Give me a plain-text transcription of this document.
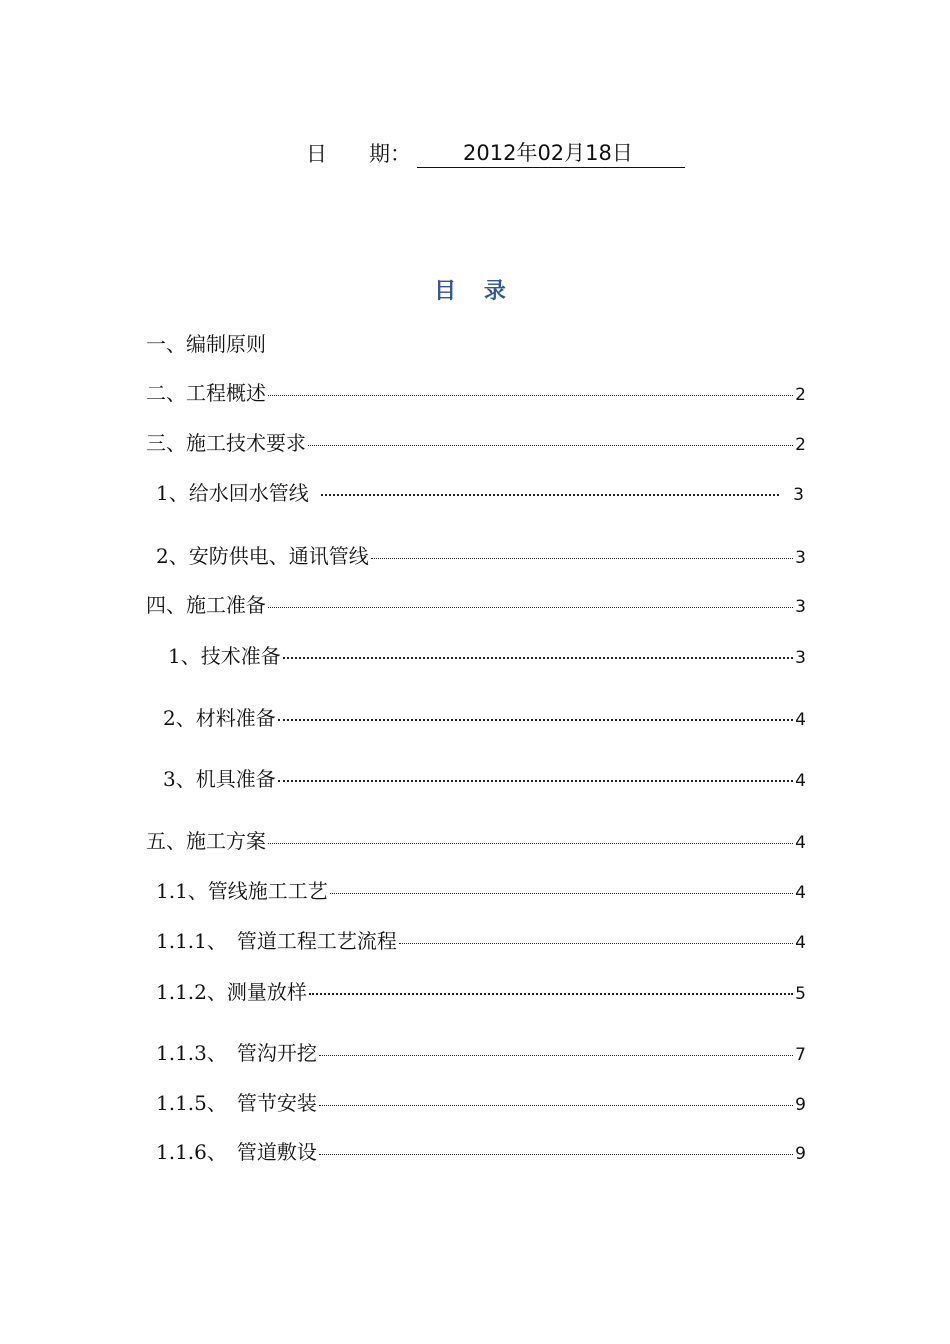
日　　期：	2012年02月18日
目 录
一、编制原则
二、工程概述	2
三、施工技术要求	2
1、给水回水管线	3
2、安防供电、通讯管线	3
四、施工准备	3
1、技术准备	3
2、材料准备	4
3、机具准备	4
五、施工方案	4
1.1、管线施工工艺	4
1.1.1、　管道工程工艺流程	4
1.1.2、测量放样	5
1.1.3、　管沟开挖	7
1.1.5、　管节安装	9
1.1.6、　管道敷设	9
